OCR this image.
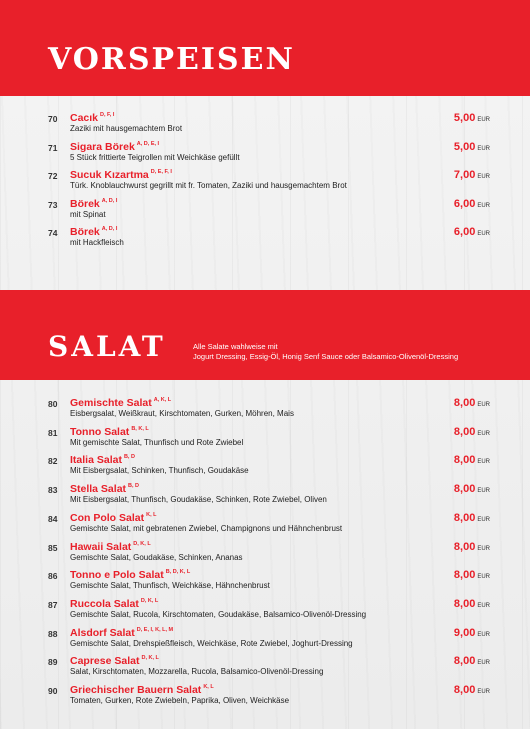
VORSPEISEN
70 Cacık $^{D, F, I}$
Zaziki mit hausgemachtem Brot
5,00 EUR
71 Sigara Börek $^{A, D, E, I}$
5 Stück frittierte Teigrollen mit Weichkäse gefüllt
5,00 EUR
72 Sucuk Kızartma $^{D, E, F, I}$
Türk. Knoblauchwurst gegrillt mit fr. Tomaten, Zaziki und hausgemachtem Brot
7,00 EUR
73 Börek $^{A, D, I}$
mit Spinat
6,00 EUR
74 Börek $^{A, D, I}$
mit Hackfleisch
6,00 EUR
SALAT	Alle Salate wahlweise mit
Jogurt Dressing, Essig-Öl, Honig Senf Sauce oder Balsamico-Olivenöl-Dressing
80 Gemischte Salat $^{A, K, L}$
Eisbergsalat, Weißkraut, Kirschtomaten, Gurken, Möhren, Mais
8,00 EUR
81 Tonno Salat $^{B, K, L}$
Mit gemischte Salat, Thunfisch und Rote Zwiebel
8,00 EUR
82 Italia Salat $^{B, D}$
Mit Eisbergsalat, Schinken, Thunfisch, Goudakäse
8,00 EUR
83 Stella Salat $^{B, D}$
Mit Eisbergsalat, Thunfisch, Goudakäse, Schinken, Rote Zwiebel, Oliven
8,00 EUR
84 Con Polo Salat $^{K, L}$
Gemischte Salat, mit gebratenen Zwiebel, Champignons und Hähnchenbrust
8,00 EUR
85 Hawaii Salat $^{D, K, L}$
Gemischte Salat, Goudakäse, Schinken, Ananas
8,00 EUR
86 Tonno e Polo Salat $^{B, D, K, L}$
Gemischte Salat, Thunfisch, Weichkäse, Hähnchenbrust
8,00 EUR
87 Ruccola Salat $^{D, K, L}$
Gemischte Salat, Rucola, Kirschtomaten, Goudakäse, Balsamico-Olivenöl-Dressing
8,00 EUR
88 Alsdorf Salat $^{D, E, I, K, L, M}$
Gemischte Salat, Drehspießfleisch, Weichkäse, Rote Zwiebel, Joghurt-Dressing
9,00 EUR
89 Caprese Salat $^{D, K, L}$
Salat, Kirschtomaten, Mozzarella, Rucola, Balsamico-Olivenöl-Dressing
8,00 EUR
90 Griechischer Bauern Salat $^{K, L}$
Tomaten, Gurken, Rote Zwiebeln, Paprika, Oliven, Weichkäse
8,00 EUR
